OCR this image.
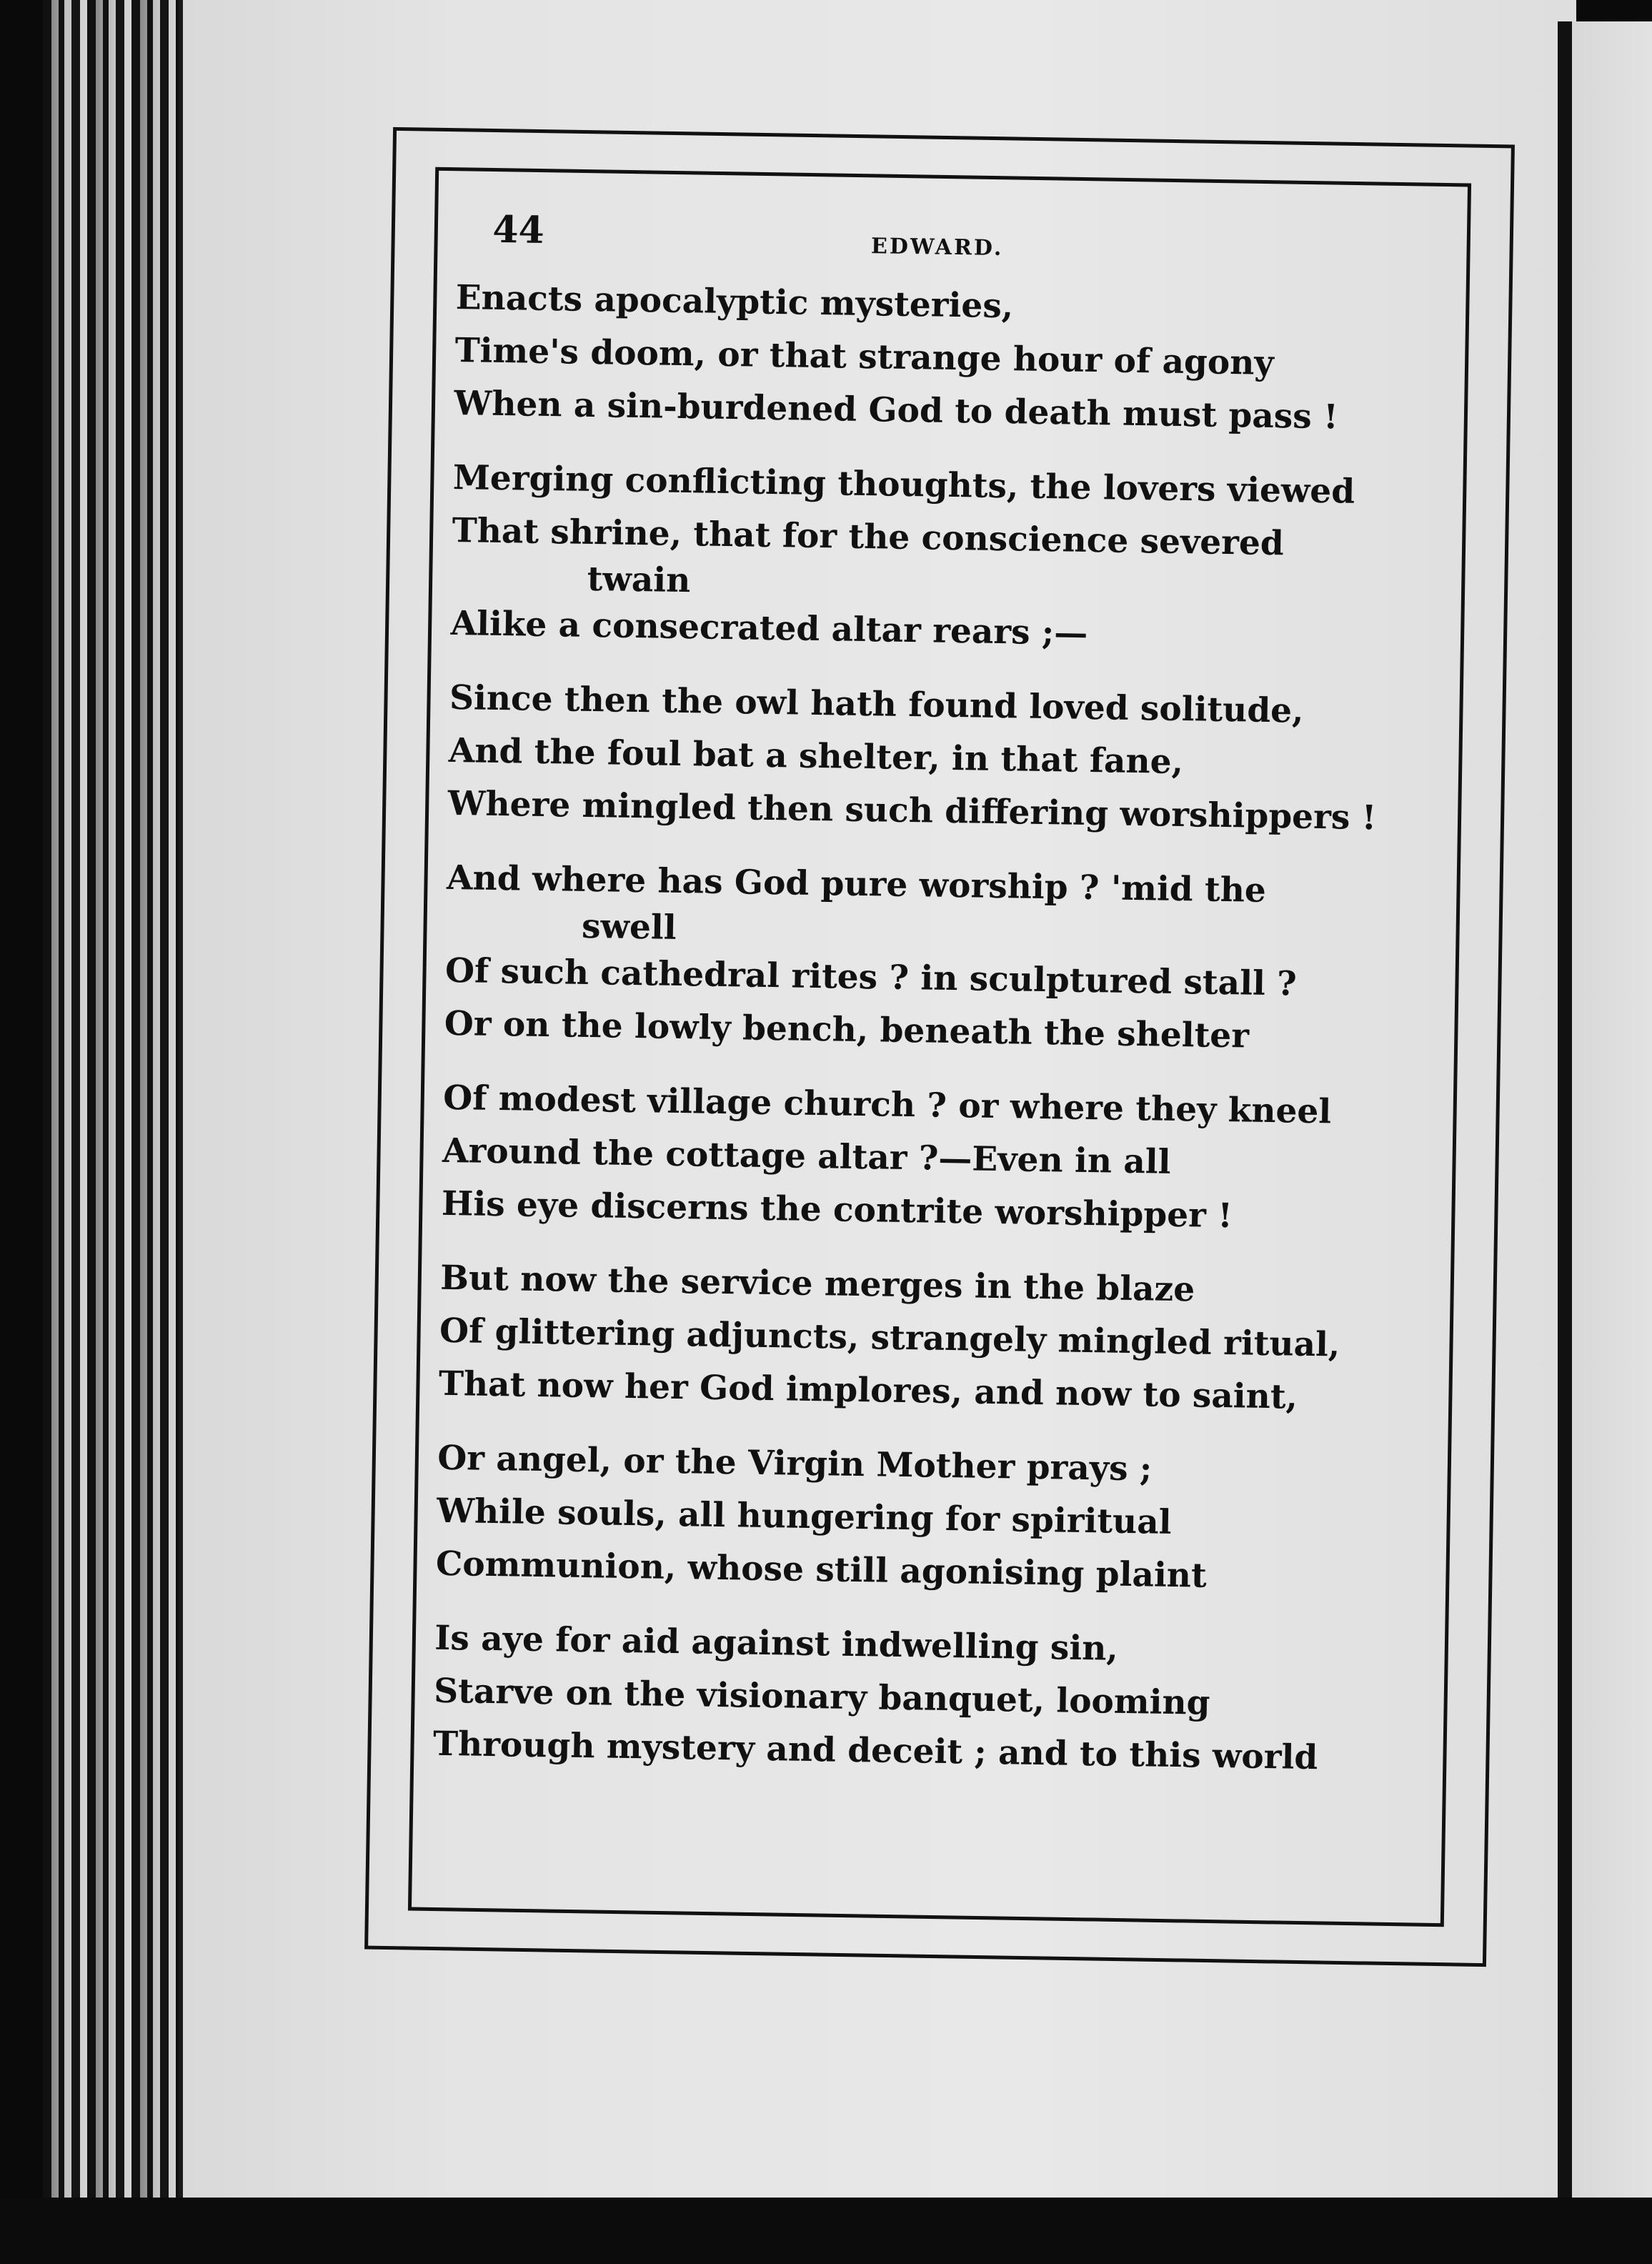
44	EDWARD.
Enacts apocalyptic mysteries,
Time's doom, or that strange hour of agony
When a sin-burdened God to death must pass !
Merging conflicting thoughts, the lovers viewed
That shrine, that for the conscience severed
twain
Alike a consecrated altar rears ;—
Since then the owl hath found loved solitude,
And the foul bat a shelter, in that fane,
Where mingled then such differing worshippers !
And where has God pure worship ? 'mid the
swell
Of such cathedral rites ? in sculptured stall ?
Or on the lowly bench, beneath the shelter
Of modest village church ? or where they kneel
Around the cottage altar ?—Even in all
His eye discerns the contrite worshipper !
But now the service merges in the blaze
Of glittering adjuncts, strangely mingled ritual,
That now her God implores, and now to saint,
Or angel, or the Virgin Mother prays ;
While souls, all hungering for spiritual
Communion, whose still agonising plaint
Is aye for aid against indwelling sin,
Starve on the visionary banquet, looming
Through mystery and deceit ; and to this world
